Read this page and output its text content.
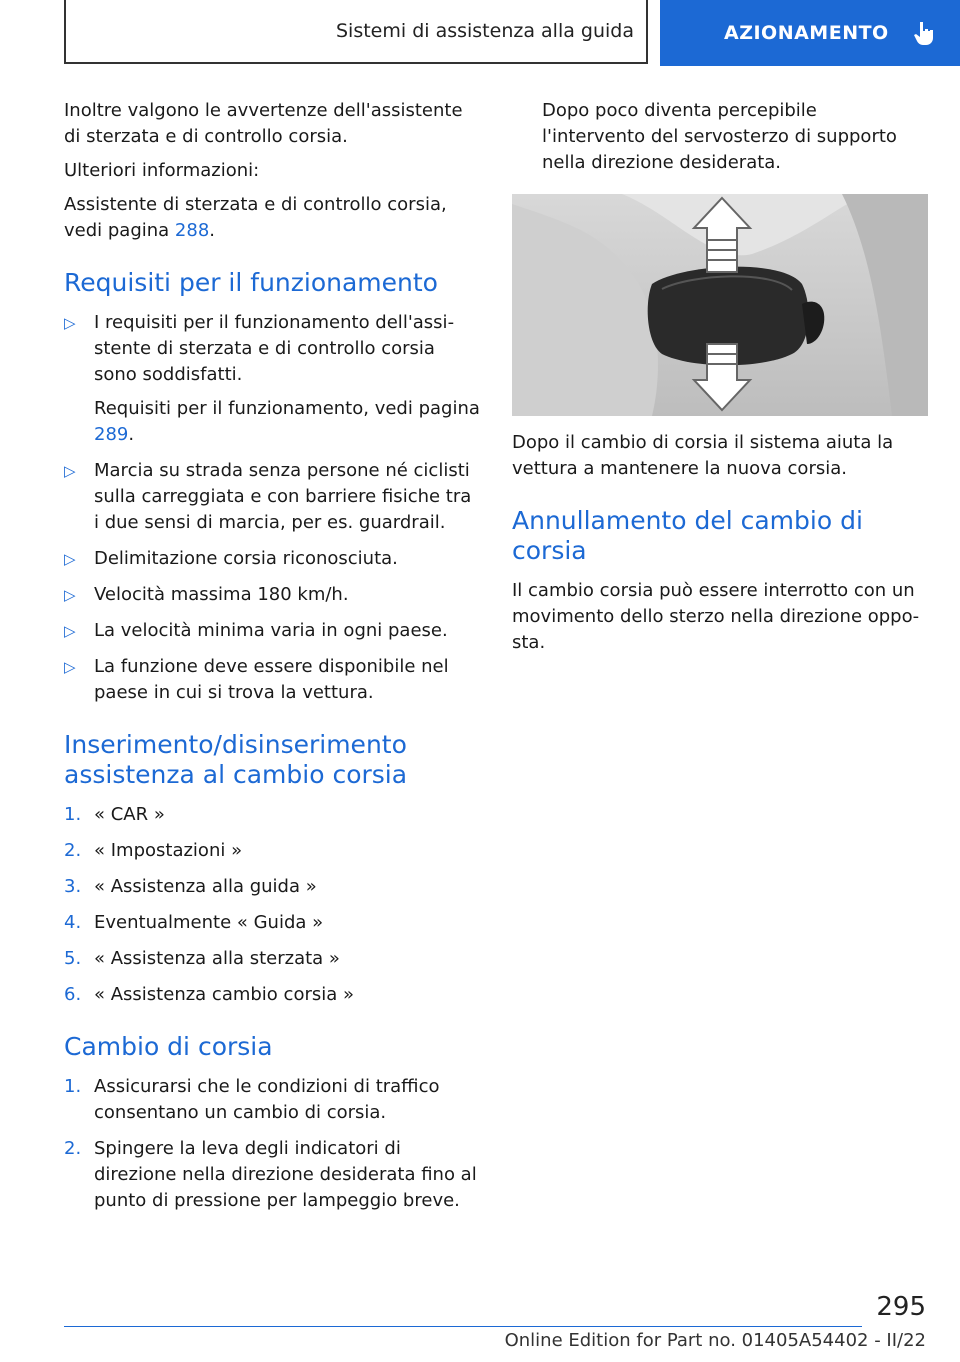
Sistemi di assistenza alla guida	AZIONAMENTO

Inoltre valgono le avvertenze dell'assistente di sterzata e di controllo corsia.

Ulteriori informazioni:

Assistente di sterzata e di controllo corsia, vedi pagina 288.

Requisiti per il funzionamento
▷ I requisiti per il funzionamento dell'assistente di sterzata e di controllo corsia sono soddisfatti.
Requisiti per il funzionamento, vedi pagina 289.
▷ Marcia su strada senza persone né ciclisti sulla carreggiata e con barriere fisiche tra i due sensi di marcia, per es. guardrail.
▷ Delimitazione corsia riconosciuta.
▷ Velocità massima 180 km/h.
▷ La velocità minima varia in ogni paese.
▷ La funzione deve essere disponibile nel paese in cui si trova la vettura.
Inserimento/disinserimento assistenza al cambio corsia
1. « CAR »
2. « Impostazioni »
3. « Assistenza alla guida »
4. Eventualmente « Guida »
5. « Assistenza alla sterzata »
6. « Assistenza cambio corsia »
Cambio di corsia
1. Assicurarsi che le condizioni di traffico consentano un cambio di corsia.
2. Spingere la leva degli indicatori di direzione nella direzione desiderata fino al punto di pressione per lampeggio breve.

Dopo poco diventa percepibile l'intervento del servosterzo di supporto nella direzione desiderata.

Dopo il cambio di corsia il sistema aiuta la vettura a mantenere la nuova corsia.

Annullamento del cambio di corsia

Il cambio corsia può essere interrotto con un movimento dello sterzo nella direzione opposta.

295
Online Edition for Part no. 01405A54402 - II/22
